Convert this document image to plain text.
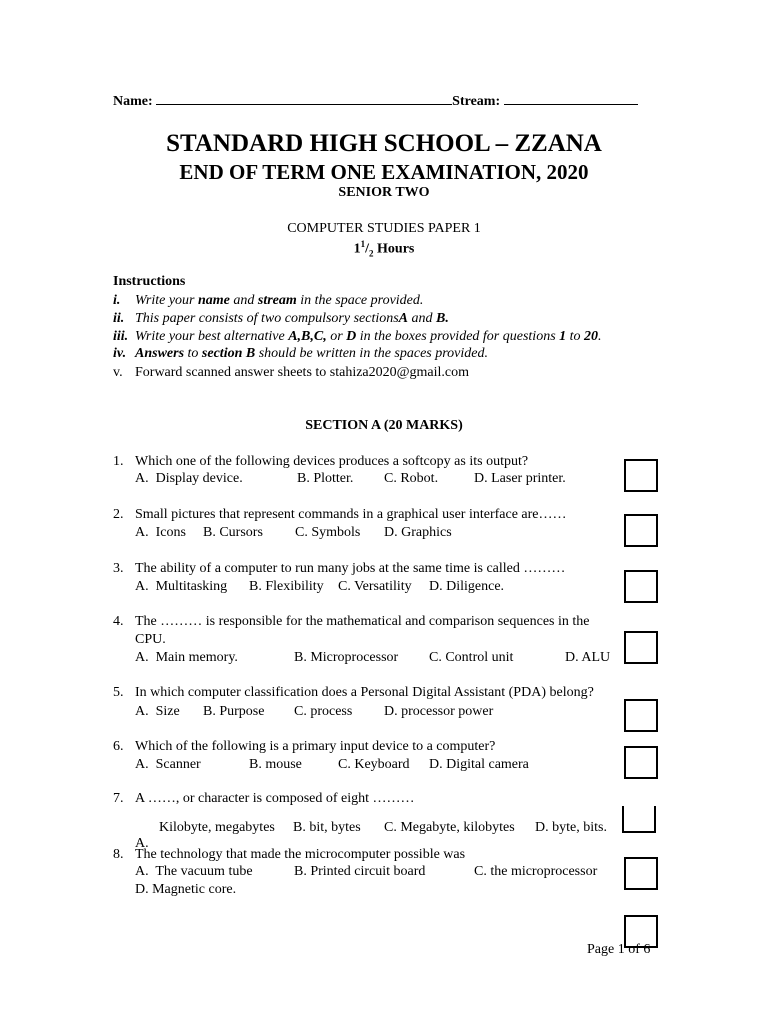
Name:	Stream:
STANDARD HIGH SCHOOL – ZZANA
END OF TERM ONE EXAMINATION, 2020
SENIOR TWO
COMPUTER STUDIES PAPER 1
$1^1/_2$ Hours
Instructions
i. Write your name and stream in the space provided.
ii. This paper consists of two compulsory sectionsA and B.
iii. Write your best alternative A,B,C, or D in the boxes provided for questions 1 to 20.
iv. Answers to section B should be written in the spaces provided.
v. Forward scanned answer sheets to stahiza2020@gmail.com
SECTION A (20 MARKS)
1. Which one of the following devices produces a softcopy as its output?
A.  Display device.	B. Plotter. C. Robot.	D. Laser printer.
2. Small pictures that represent commands in a graphical user interface are……
A.  Icons B. Cursors C. Symbols D. Graphics
3. The ability of a computer to run many jobs at the same time is called ………
A.  Multitasking B. Flexibility C. Versatility D. Diligence.
4. The ……… is responsible for the mathematical and comparison sequences in the
CPU.
A.  Main memory.	B. Microprocessor C. Control unit	D. ALU
5. In which computer classification does a Personal Digital Assistant (PDA) belong?
A.  Size B. Purpose C. process D. processor power
6. Which of the following is a primary input device to a computer?
A.  Scanner	B. mouse	C. Keyboard D. Digital camera
7. A ……, or character is composed of eight ………
Kilobyte, megabytes B. bit, bytes C. Megabyte, kilobytes D. byte, bits.
A.
8. The technology that made the microcomputer possible was
A.  The vacuum tube	B. Printed circuit board	C. the microprocessor
D. Magnetic core.
Page 1 of 6
